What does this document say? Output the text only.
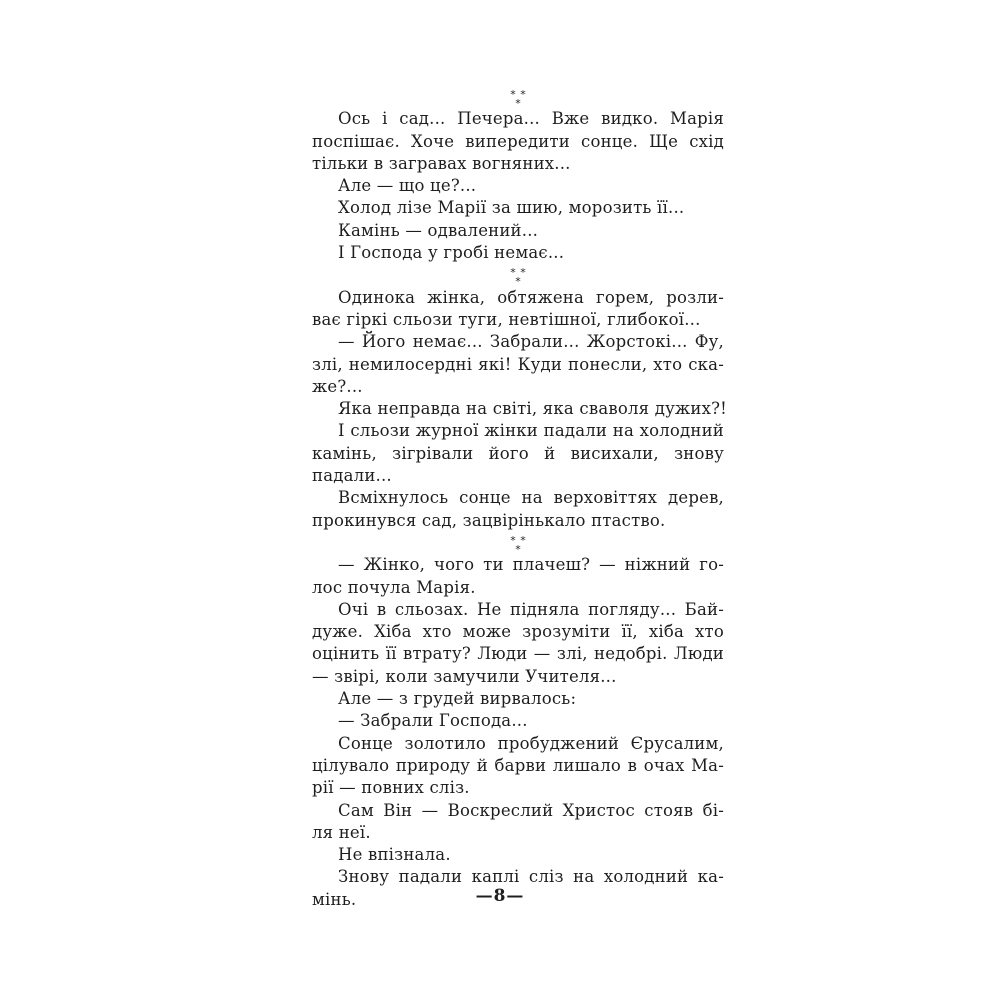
* *
*
Ось і сад... Печера... Вже видко. Марія
поспішає. Хоче випередити сонце. Ще схід
тільки в загравах вогняних...
Але — що це?...
Холод лізе Марії за шию, морозить її...
Камінь — одвалений...
І Господа у гробі немає...
* *
*
Одинока жінка, обтяжена горем, розли-
ває гіркі сльози туги, невтішної, глибокої...
— Його немає... Забрали... Жорстокі... Фу,
злі, немилосердні які! Куди понесли, хто ска-
же?...
Яка неправда на світі, яка сваволя дужих?!
І сльози журної жінки падали на холодний
камінь, зігрівали його й висихали, знову
падали...
Всміхнулось сонце на верховіттях дерев,
прокинувся сад, зацвірінькало птаство.
* *
*
— Жінко, чого ти плачеш? — ніжний го-
лос почула Марія.
Очі в сльозах. Не підняла погляду... Бай-
дуже. Хіба хто може зрозуміти її, хіба хто
оцінить її втрату? Люди — злі, недобрі. Люди
— звірі, коли замучили Учителя...
Але — з грудей вирвалось:
— Забрали Господа...
Сонце золотило пробуджений Єрусалим,
цілувало природу й барви лишало в очах Ма-
рії — повних сліз.
Сам Він — Воскреслий Христос стояв бі-
ля неї.
Не впізнала.
Знову падали каплі сліз на холодний ка-
мінь.	—8—
